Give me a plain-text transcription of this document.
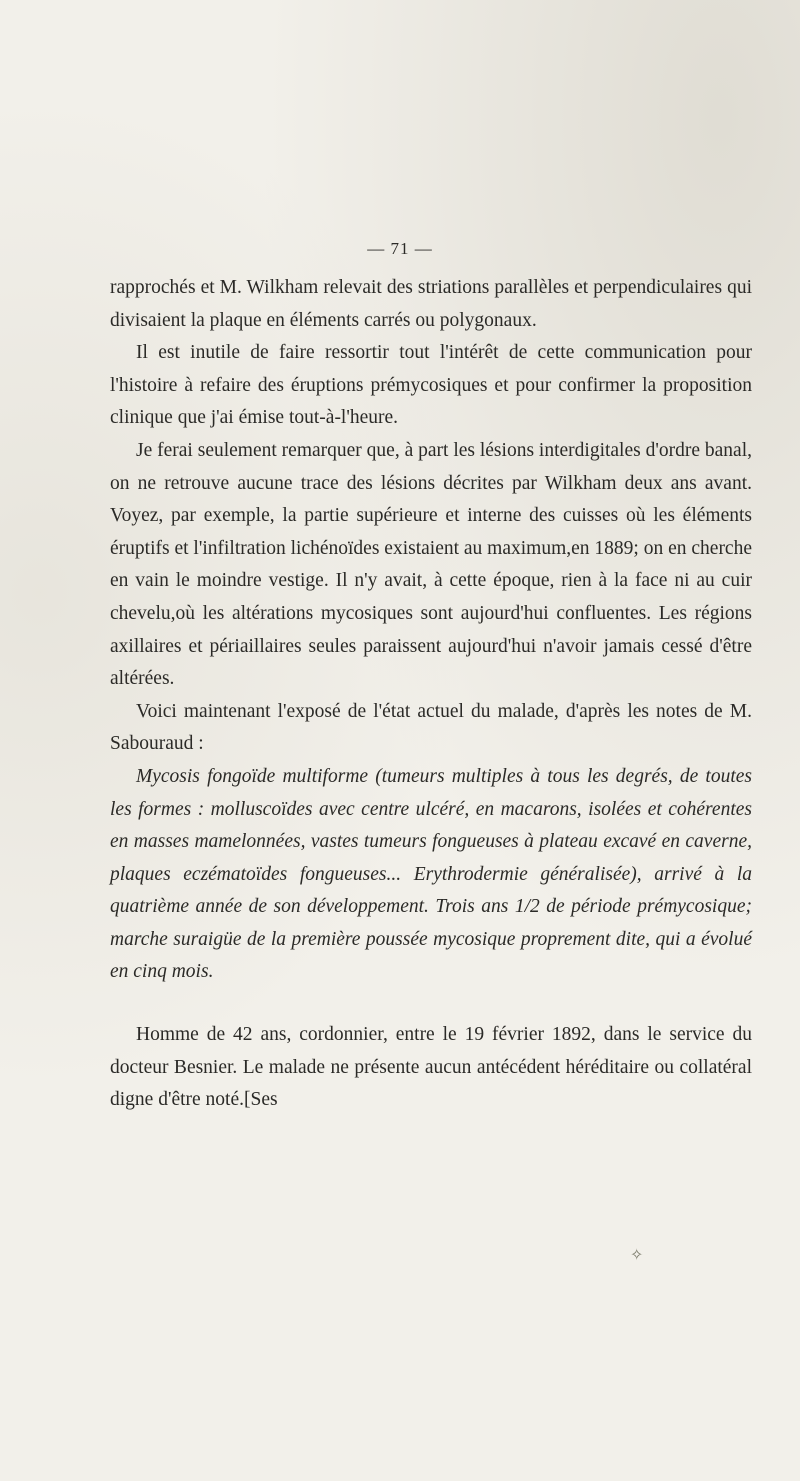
— 71 —

rapprochés et M. Wilkham relevait des striations parallèles et perpendiculaires qui divisaient la plaque en éléments carrés ou polygonaux.

Il est inutile de faire ressortir tout l'intérêt de cette communication pour l'histoire à refaire des éruptions prémycosiques et pour confirmer la proposition clinique que j'ai émise tout-à-l'heure.

Je ferai seulement remarquer que, à part les lésions interdigitales d'ordre banal, on ne retrouve aucune trace des lésions décrites par Wilkham deux ans avant. Voyez, par exemple, la partie supérieure et interne des cuisses où les éléments éruptifs et l'infiltration lichénoïdes existaient au maximum,en 1889; on en cherche en vain le moindre vestige. Il n'y avait, à cette époque, rien à la face ni au cuir chevelu,où les altérations mycosiques sont aujourd'hui confluentes. Les régions axillaires et périaillaires seules paraissent aujourd'hui n'avoir jamais cessé d'être altérées.

Voici maintenant l'exposé de l'état actuel du malade, d'après les notes de M. Sabouraud :

Mycosis fongoïde multiforme (tumeurs multiples à tous les degrés, de toutes les formes : molluscoïdes avec centre ulcéré, en macarons, isolées et cohérentes en masses mamelonnées, vastes tumeurs fongueuses à plateau excavé en caverne, plaques eczématoïdes fongueuses... Erythrodermie généralisée), arrivé à la quatrième année de son développement. Trois ans 1/2 de période prémycosique; marche suraigüe de la première poussée mycosique proprement dite, qui a évolué en cinq mois.

Homme de 42 ans, cordonnier, entre le 19 février 1892, dans le service du docteur Besnier. Le malade ne présente aucun antécédent héréditaire ou collatéral digne d'être noté.[Ses

✧
